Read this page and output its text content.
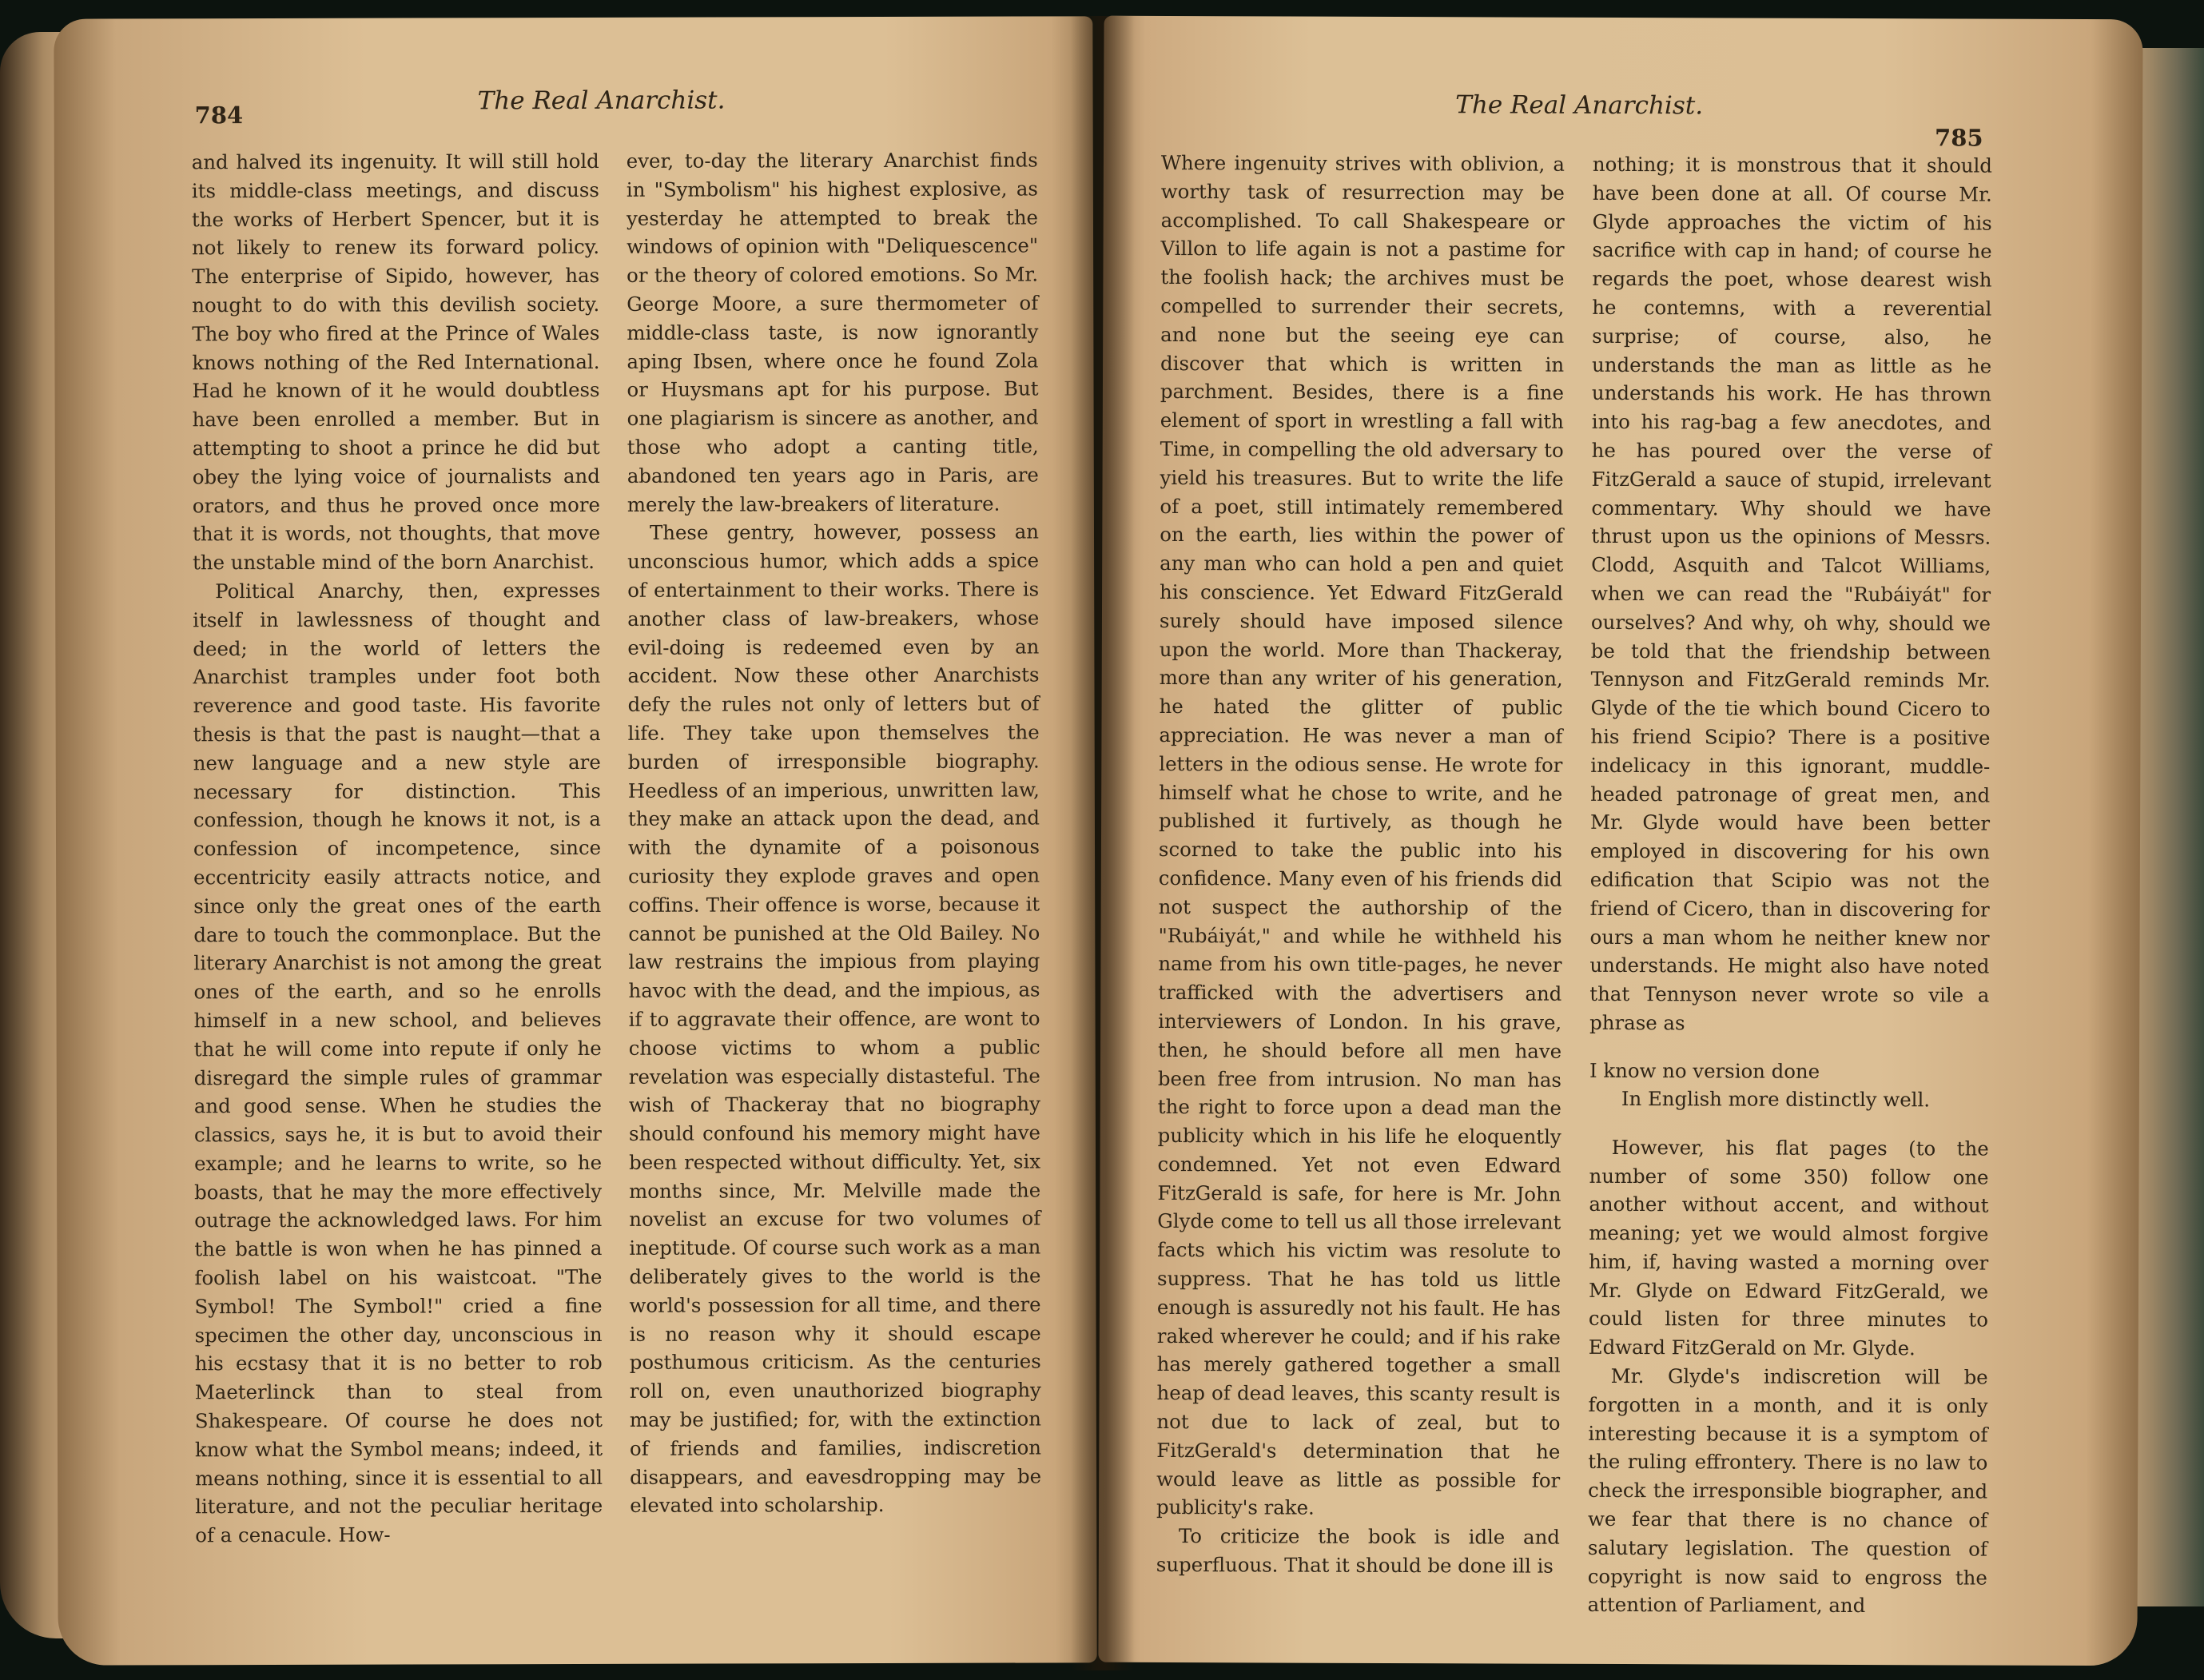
784	The Real Anarchist.

and halved its ingenuity. It will still hold its middle-class meetings, and discuss the works of Herbert Spencer, but it is not likely to renew its forward policy. The enterprise of Sipido, however, has nought to do with this devilish society. The boy who fired at the Prince of Wales knows nothing of the Red International. Had he known of it he would doubtless have been enrolled a member. But in attempting to shoot a prince he did but obey the lying voice of journalists and orators, and thus he proved once more that it is words, not thoughts, that move the unstable mind of the born Anarchist.

Political Anarchy, then, expresses itself in lawlessness of thought and deed; in the world of letters the Anarchist tramples under foot both reverence and good taste. His favorite thesis is that the past is naught—that a new language and a new style are necessary for distinction. This confession, though he knows it not, is a confession of incompetence, since eccentricity easily attracts notice, and since only the great ones of the earth dare to touch the commonplace. But the literary Anarchist is not among the great ones of the earth, and so he enrolls himself in a new school, and believes that he will come into repute if only he disregard the simple rules of grammar and good sense. When he studies the classics, says he, it is but to avoid their example; and he learns to write, so he boasts, that he may the more effectively outrage the acknowledged laws. For him the battle is won when he has pinned a foolish label on his waistcoat. "The Symbol! The Symbol!" cried a fine specimen the other day, unconscious in his ecstasy that it is no better to rob Maeterlinck than to steal from Shakespeare. Of course he does not know what the Symbol means; indeed, it means nothing, since it is essential to all literature, and not the peculiar heritage of a cenacule. How-

ever, to-day the literary Anarchist finds in "Symbolism" his highest explosive, as yesterday he attempted to break the windows of opinion with "Deliquescence" or the theory of colored emotions. So Mr. George Moore, a sure thermometer of middle-class taste, is now ignorantly aping Ibsen, where once he found Zola or Huysmans apt for his purpose. But one plagiarism is sincere as another, and those who adopt a canting title, abandoned ten years ago in Paris, are merely the law-breakers of literature.

These gentry, however, possess an unconscious humor, which adds a spice of entertainment to their works. There is another class of law-breakers, whose evil-doing is redeemed even by an accident. Now these other Anarchists defy the rules not only of letters but of life. They take upon themselves the burden of irresponsible biography. Heedless of an imperious, unwritten law, they make an attack upon the dead, and with the dynamite of a poisonous curiosity they explode graves and open coffins. Their offence is worse, because it cannot be punished at the Old Bailey. No law restrains the impious from playing havoc with the dead, and the impious, as if to aggravate their offence, are wont to choose victims to whom a public revelation was especially distasteful. The wish of Thackeray that no biography should confound his memory might have been respected without difficulty. Yet, six months since, Mr. Melville made the novelist an excuse for two volumes of ineptitude. Of course such work as a man deliberately gives to the world is the world's possession for all time, and there is no reason why it should escape posthumous criticism. As the centuries roll on, even unauthorized biography may be justified; for, with the extinction of friends and families, indiscretion disappears, and eavesdropping may be elevated into scholarship.

The Real Anarchist.
785

Where ingenuity strives with oblivion, a worthy task of resurrection may be accomplished. To call Shakespeare or Villon to life again is not a pastime for the foolish hack; the archives must be compelled to surrender their secrets, and none but the seeing eye can discover that which is written in parchment. Besides, there is a fine element of sport in wrestling a fall with Time, in compelling the old adversary to yield his treasures. But to write the life of a poet, still intimately remembered on the earth, lies within the power of any man who can hold a pen and quiet his conscience. Yet Edward FitzGerald surely should have imposed silence upon the world. More than Thackeray, more than any writer of his generation, he hated the glitter of public appreciation. He was never a man of letters in the odious sense. He wrote for himself what he chose to write, and he published it furtively, as though he scorned to take the public into his confidence. Many even of his friends did not suspect the authorship of the "Rubáiyát," and while he withheld his name from his own title-pages, he never trafficked with the advertisers and interviewers of London. In his grave, then, he should before all men have been free from intrusion. No man has the right to force upon a dead man the publicity which in his life he eloquently condemned. Yet not even Edward FitzGerald is safe, for here is Mr. John Glyde come to tell us all those irrelevant facts which his victim was resolute to suppress. That he has told us little enough is assuredly not his fault. He has raked wherever he could; and if his rake has merely gathered together a small heap of dead leaves, this scanty result is not due to lack of zeal, but to FitzGerald's determination that he would leave as little as possible for publicity's rake.

To criticize the book is idle and superfluous. That it should be done ill is

nothing; it is monstrous that it should have been done at all. Of course Mr. Glyde approaches the victim of his sacrifice with cap in hand; of course he regards the poet, whose dearest wish he contemns, with a reverential surprise; of course, also, he understands the man as little as he understands his work. He has thrown into his rag-bag a few anecdotes, and he has poured over the verse of FitzGerald a sauce of stupid, irrelevant commentary. Why should we have thrust upon us the opinions of Messrs. Clodd, Asquith and Talcot Williams, when we can read the "Rubáiyát" for ourselves? And why, oh why, should we be told that the friendship between Tennyson and FitzGerald reminds Mr. Glyde of the tie which bound Cicero to his friend Scipio? There is a positive indelicacy in this ignorant, muddle-headed patronage of great men, and Mr. Glyde would have been better employed in discovering for his own edification that Scipio was not the friend of Cicero, than in discovering for ours a man whom he neither knew nor understands. He might also have noted that Tennyson never wrote so vile a phrase as

I know no version done
In English more distinctly well.

However, his flat pages (to the number of some 350) follow one another without accent, and without meaning; yet we would almost forgive him, if, having wasted a morning over Mr. Glyde on Edward FitzGerald, we could listen for three minutes to Edward FitzGerald on Mr. Glyde.

Mr. Glyde's indiscretion will be forgotten in a month, and it is only interesting because it is a symptom of the ruling effrontery. There is no law to check the irresponsible biographer, and we fear that there is no chance of salutary legislation. The question of copyright is now said to engross the attention of Parliament, and
